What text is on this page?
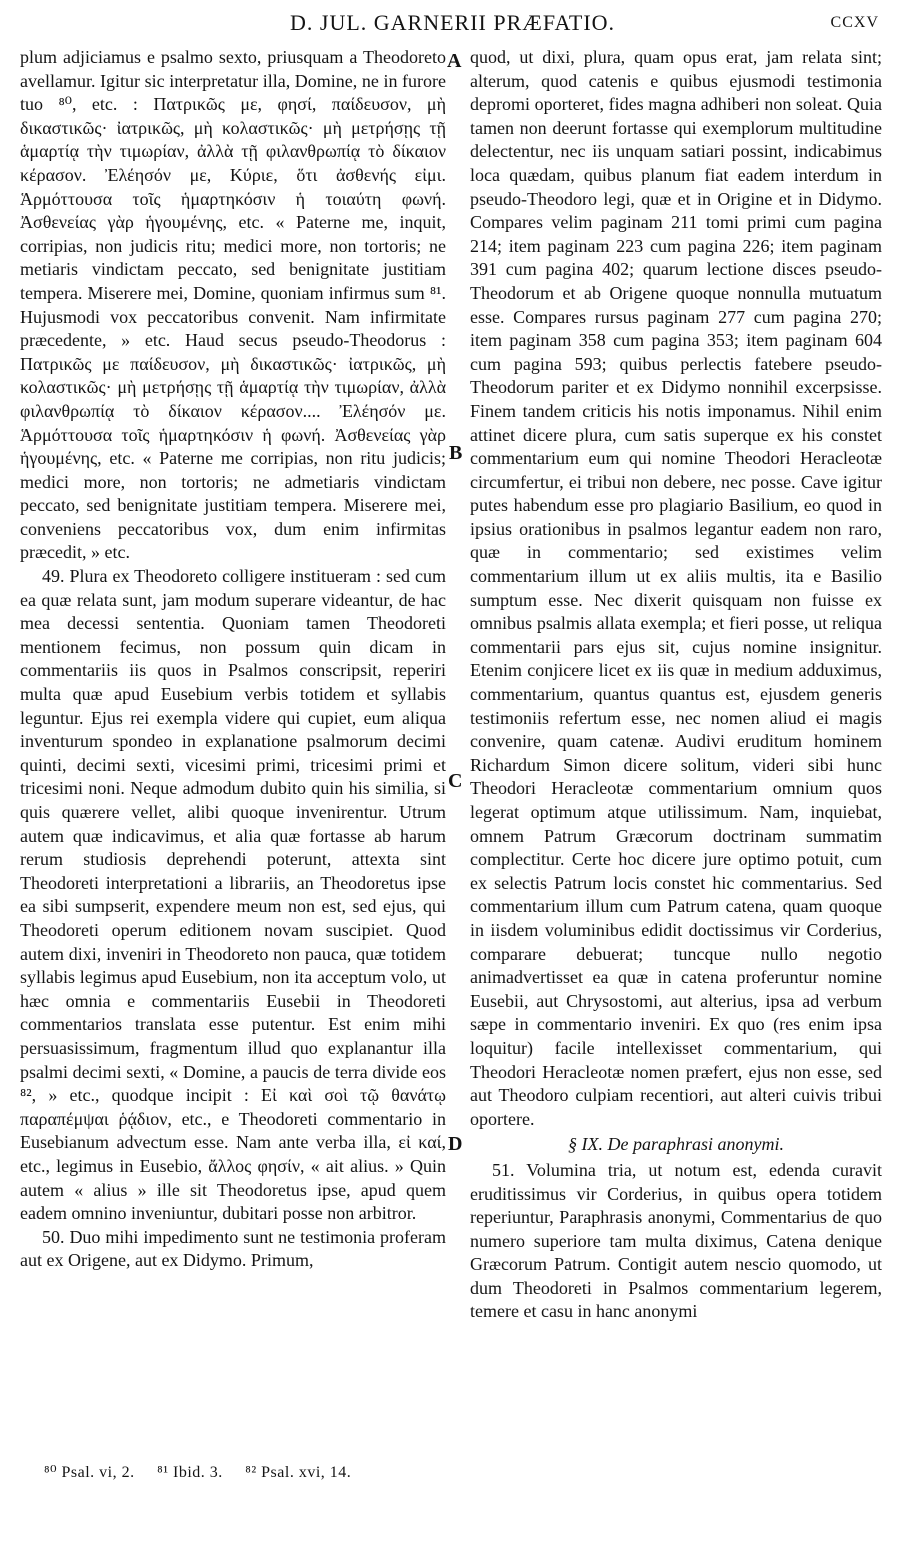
D. JUL. GARNERII PRÆFATIO.	CCXV

plum adjiciamus e psalmo sexto, priusquam a Theodoreto avellamur. Igitur sic interpretatur illa, Domine, ne in furore tuo ⁸⁰, etc. : Πατρικῶς με, φησί, παίδευσον, μὴ δικαστικῶς· ἰατρικῶς, μὴ κολαστικῶς· μὴ μετρήσῃς τῇ ἁμαρτίᾳ τὴν τιμωρίαν, ἀλλὰ τῇ φιλανθρωπίᾳ τὸ δίκαιον κέρασον. Ἐλέησόν με, Κύριε, ὅτι ἀσθενής εἰμι. Ἁρμόττουσα τοῖς ἡμαρτηκόσιν ἡ τοιαύτη φωνή. Ἀσθενείας γὰρ ἡγουμένης, etc. « Paterne me, inquit, corripias, non judicis ritu; medici more, non tortoris; ne metiaris vindictam peccato, sed benignitate justitiam tempera. Miserere mei, Domine, quoniam infirmus sum ⁸¹. Hujusmodi vox peccatoribus convenit. Nam infirmitate præcedente, » etc. Haud secus pseudo-Theodorus : Πατρικῶς με παίδευσον, μὴ δικαστικῶς· ἰατρικῶς, μὴ κολαστικῶς· μὴ μετρήσῃς τῇ ἁμαρτίᾳ τὴν τιμωρίαν, ἀλλὰ φιλανθρωπίᾳ τὸ δίκαιον κέρασον.... Ἐλέησόν με. Ἁρμόττουσα τοῖς ἡμαρτηκόσιν ἡ φωνή. Ἀσθενείας γὰρ ἡγουμένης, etc. « Paterne me corripias, non ritu judicis; medici more, non tortoris; ne admetiaris vindictam peccato, sed benignitate justitiam tempera. Miserere mei, conveniens peccatoribus vox, dum enim infirmitas præcedit, » etc.

49. Plura ex Theodoreto colligere institueram : sed cum ea quæ relata sunt, jam modum superare videantur, de hac mea decessi sententia. Quoniam tamen Theodoreti mentionem fecimus, non possum quin dicam in commentariis iis quos in Psalmos conscripsit, reperiri multa quæ apud Eusebium verbis totidem et syllabis leguntur. Ejus rei exempla videre qui cupiet, eum aliqua inventurum spondeo in explanatione psalmorum decimi quinti, decimi sexti, vicesimi primi, tricesimi primi et tricesimi noni. Neque admodum dubito quin his similia, si quis quærere vellet, alibi quoque invenirentur. Utrum autem quæ indicavimus, et alia quæ fortasse ab harum rerum studiosis deprehendi poterunt, attexta sint Theodoreti interpretationi a librariis, an Theodoretus ipse ea sibi sumpserit, expendere meum non est, sed ejus, qui Theodoreti operum editionem novam suscipiet. Quod autem dixi, inveniri in Theodoreto non pauca, quæ totidem syllabis legimus apud Eusebium, non ita acceptum volo, ut hæc omnia e commentariis Eusebii in Theodoreti commentarios translata esse putentur. Est enim mihi persuasissimum, fragmentum illud quo explanantur illa psalmi decimi sexti, « Domine, a paucis de terra divide eos ⁸², » etc., quodque incipit : Εἰ καὶ σοὶ τῷ θανάτῳ παραπέμψαι ῥᾴδιον, etc., e Theodoreti commentario in Eusebianum advectum esse. Nam ante verba illa, εἰ καί, etc., legimus in Eusebio, ἄλλος φησίν, « ait alius. » Quin autem « alius » ille sit Theodoretus ipse, apud quem eadem omnino inveniuntur, dubitari posse non arbitror.

50. Duo mihi impedimento sunt ne testimonia proferam aut ex Origene, aut ex Didymo. Primum,

quod, ut dixi, plura, quam opus erat, jam relata sint; alterum, quod catenis e quibus ejusmodi testimonia depromi oporteret, fides magna adhiberi non soleat. Quia tamen non deerunt fortasse qui exemplorum multitudine delectentur, nec iis unquam satiari possint, indicabimus loca quædam, quibus planum fiat eadem interdum in pseudo-Theodoro legi, quæ et in Origine et in Didymo. Compares velim paginam 211 tomi primi cum pagina 214; item paginam 223 cum pagina 226; item paginam 391 cum pagina 402; quarum lectione disces pseudo-Theodorum et ab Origene quoque nonnulla mutuatum esse. Compares rursus paginam 277 cum pagina 270; item paginam 358 cum pagina 353; item paginam 604 cum pagina 593; quibus perlectis fatebere pseudo-Theodorum pariter et ex Didymo nonnihil excerpsisse. Finem tandem criticis his notis imponamus. Nihil enim attinet dicere plura, cum satis superque ex his constet commentarium eum qui nomine Theodori Heracleotæ circumfertur, ei tribui non debere, nec posse. Cave igitur putes habendum esse pro plagiario Basilium, eo quod in ipsius orationibus in psalmos legantur eadem non raro, quæ in commentario; sed existimes velim commentarium illum ut ex aliis multis, ita e Basilio sumptum esse. Nec dixerit quisquam non fuisse ex omnibus psalmis allata exempla; et fieri posse, ut reliqua commentarii pars ejus sit, cujus nomine insignitur. Etenim conjicere licet ex iis quæ in medium adduximus, commentarium, quantus quantus est, ejusdem generis testimoniis refertum esse, nec nomen aliud ei magis convenire, quam catenæ. Audivi eruditum hominem Richardum Simon dicere solitum, videri sibi hunc Theodori Heracleotæ commentarium omnium quos legerat optimum atque utilissimum. Nam, inquiebat, omnem Patrum Græcorum doctrinam summatim complectitur. Certe hoc dicere jure optimo potuit, cum ex selectis Patrum locis constet hic commentarius. Sed commentarium illum cum Patrum catena, quam quoque in iisdem voluminibus edidit doctissimus vir Corderius, comparare debuerat; tuncque nullo negotio animadvertisset ea quæ in catena proferuntur nomine Eusebii, aut Chrysostomi, aut alterius, ipsa ad verbum sæpe in commentario inveniri. Ex quo (res enim ipsa loquitur) facile intellexisset commentarium, qui Theodori Heracleotæ nomen præfert, ejus non esse, sed aut Theodoro culpiam recentiori, aut alteri cuivis tribui oportere.

§ IX. De paraphrasi anonymi.

51. Volumina tria, ut notum est, edenda curavit eruditissimus vir Corderius, in quibus opera totidem reperiuntur, Paraphrasis anonymi, Commentarius de quo numero superiore tam multa diximus, Catena denique Græcorum Patrum. Contigit autem nescio quomodo, ut dum Theodoreti in Psalmos commentarium legerem, temere et casu in hanc anonymi

A
B
C
D
⁸⁰ Psal. vi, 2. ⁸¹ Ibid. 3. ⁸² Psal. xvi, 14.
